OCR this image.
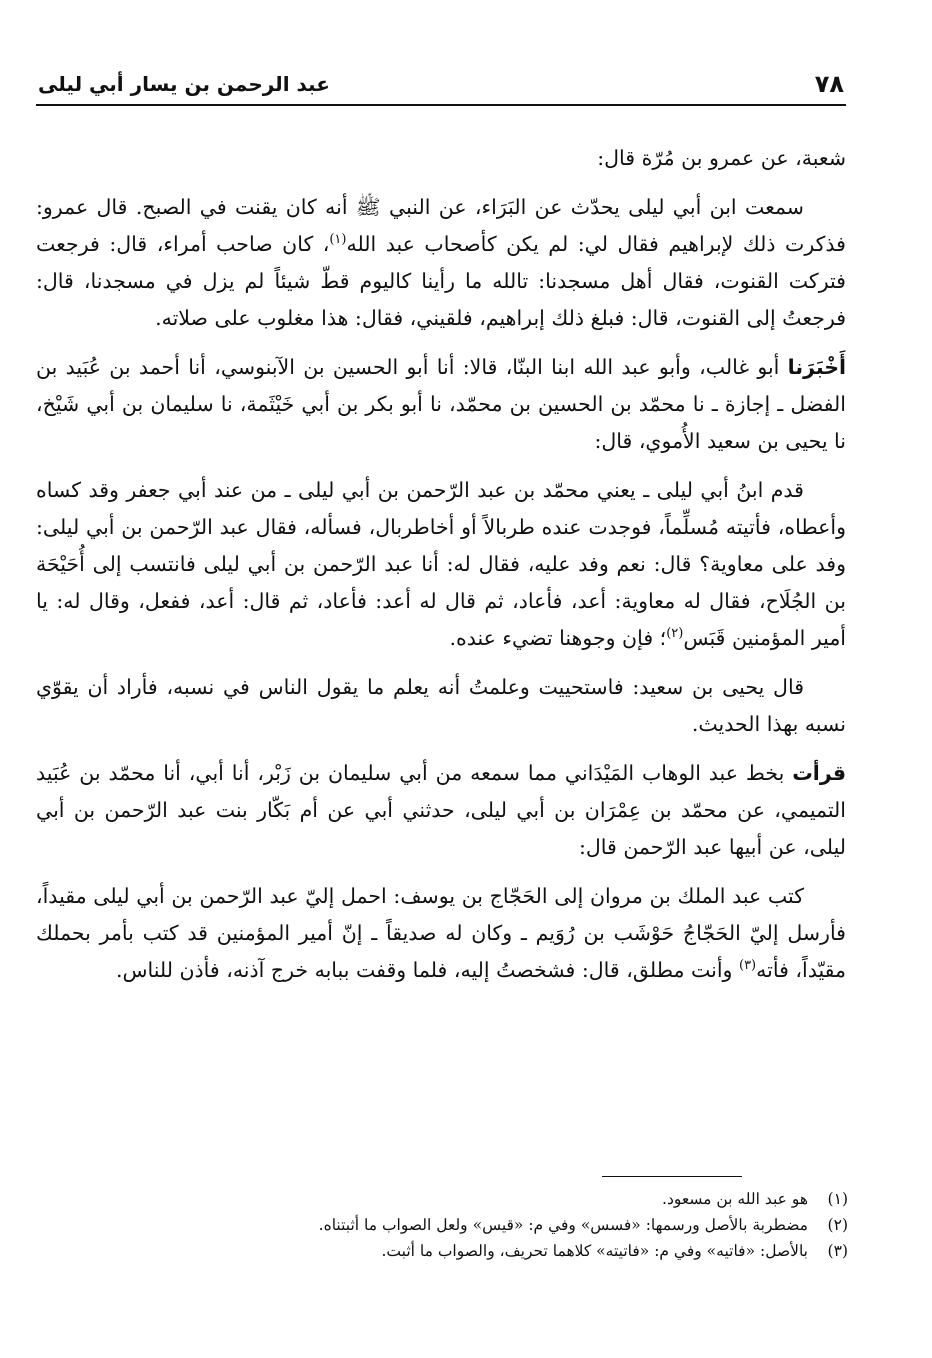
٧٨
عبد الرحمن بن يسار أبي ليلى

شعبة، عن عمرو بن مُرّة قال:

سمعت ابن أبي ليلى يحدّث عن البَرَاء، عن النبي ﷺ أنه كان يقنت في الصبح. قال عمرو: فذكرت ذلك لإبراهيم فقال لي: لم يكن كأصحاب عبد الله$^{(١)}$، كان صاحب أمراء، قال: فرجعت فتركت القنوت، فقال أهل مسجدنا: تالله ما رأينا كاليوم قطّ شيئاً لم يزل في مسجدنا، قال: فرجعتُ إلى القنوت، قال: فبلغ ذلك إبراهيم، فلقيني، فقال: هذا مغلوب على صلاته.

أَخْبَرَنا أبو غالب، وأبو عبد الله ابنا البنّا، قالا: أنا أبو الحسين بن الآبنوسي، أنا أحمد بن عُبَيد بن الفضل ـ إجازة ـ نا محمّد بن الحسين بن محمّد، نا أبو بكر بن أبي خَيْثَمة، نا سليمان بن أبي شَيْخ، نا يحيى بن سعيد الأُموي، قال:

قدم ابنُ أبي ليلى ـ يعني محمّد بن عبد الرّحمن بن أبي ليلى ـ من عند أبي جعفر وقد كساه وأعطاه، فأتيته مُسلِّماً، فوجدت عنده طربالاً أو أخاطربال، فسأله، فقال عبد الرّحمن بن أبي ليلى: وفد على معاوية؟ قال: نعم وفد عليه، فقال له: أنا عبد الرّحمن بن أبي ليلى فانتسب إلى أُحَيْحَة بن الجُلَاح، فقال له معاوية: أعد، فأعاد، ثم قال له أعد: فأعاد، ثم قال: أعد، ففعل، وقال له: يا أمير المؤمنين قَبَس$^{(٢)}$؛ فإن وجوهنا تضيء عنده.

قال يحيى بن سعيد: فاستحييت وعلمتُ أنه يعلم ما يقول الناس في نسبه، فأراد أن يقوّي نسبه بهذا الحديث.

قرأت بخط عبد الوهاب المَيْدَاني مما سمعه من أبي سليمان بن زَبْر، أنا أبي، أنا محمّد بن عُبَيد التميمي، عن محمّد بن عِمْرَان بن أبي ليلى، حدثني أبي عن أم بَكّار بنت عبد الرّحمن بن أبي ليلى، عن أبيها عبد الرّحمن قال:

كتب عبد الملك بن مروان إلى الحَجّاج بن يوسف: احمل إليّ عبد الرّحمن بن أبي ليلى مقيداً، فأرسل إليّ الحَجّاجُ حَوْشَب بن رُوَيم ـ وكان له صديقاً ـ إنّ أمير المؤمنين قد كتب بأمر بحملك مقيّداً، فأته$^{(٣)}$ وأنت مطلق، قال: فشخصتُ إليه، فلما وقفت ببابه خرج آذنه، فأذن للناس.

(١)
هو عبد الله بن مسعود.
(٢)
مضطربة بالأصل ورسمها: «فسس» وفي م: «قيس» ولعل الصواب ما أثبتناه.
(٣)
بالأصل: «فاتيه» وفي م: «فاتيته» كلاهما تحريف، والصواب ما أثبت.
